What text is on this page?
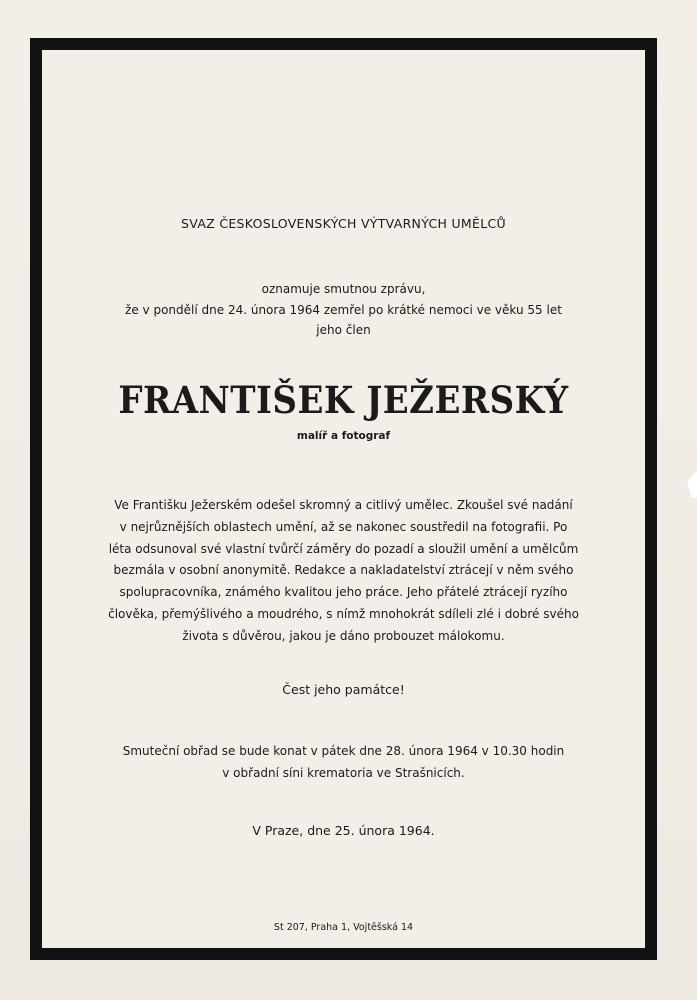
SVAZ ČESKOSLOVENSKÝCH VÝTVARNÝCH UMĚLCŮ
oznamuje smutnou zprávu,
že v pondělí dne 24. února 1964 zemřel po krátké nemoci ve věku 55 let
jeho člen
FRANTIŠEK JEŽERSKÝ
malíř a fotograf
Ve Františku Ježerském odešel skromný a citlivý umělec. Zkoušel své nadání
v nejrůznějších oblastech umění, až se nakonec soustředil na fotografii. Po
léta odsunoval své vlastní tvůrčí záměry do pozadí a sloužil umění a umělcům
bezmála v osobní anonymitě. Redakce a nakladatelství ztrácejí v něm svého
spolupracovníka, známého kvalitou jeho práce. Jeho přátelé ztrácejí ryzího
člověka, přemýšlivého a moudrého, s nímž mnohokrát sdíleli zlé i dobré svého
života s důvěrou, jakou je dáno probouzet málokomu.
Čest jeho památce!
Smuteční obřad se bude konat v pátek dne 28. února 1964 v 10.30 hodin
v obřadní síni krematoria ve Strašnicích.
V Praze, dne 25. února 1964.
St 207, Praha 1, Vojtěšská 14
